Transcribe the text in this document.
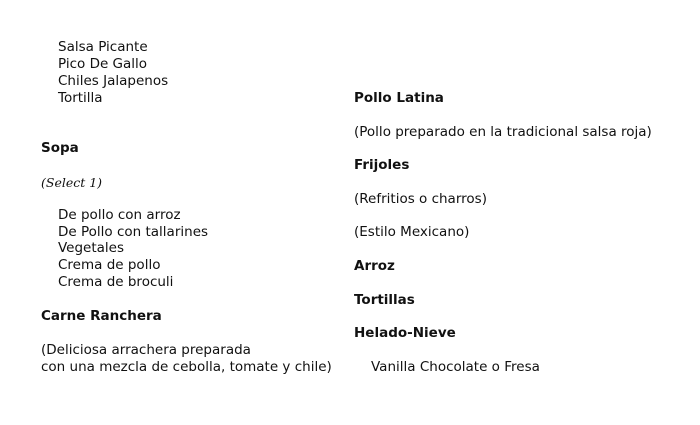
Salsa Picante
Pico De Gallo
Chiles Jalapenos
Tortilla
Sopa
(Select 1)
De pollo con arroz
De Pollo con tallarines
Vegetales
Crema de pollo
Crema de broculi
Carne Ranchera
(Deliciosa arrachera preparada
con una mezcla de cebolla, tomate y chile)
Pollo Latina
(Pollo preparado en la tradicional salsa roja)
Frijoles
(Refritios o charros)
(Estilo Mexicano)
Arroz
Tortillas
Helado-Nieve
Vanilla Chocolate o Fresa
